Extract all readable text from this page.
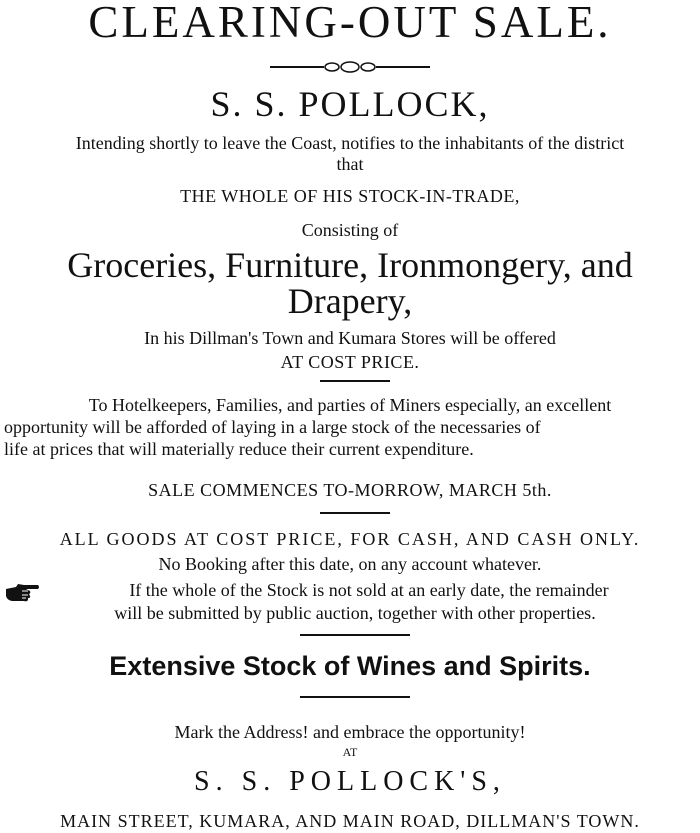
CLEARING-OUT SALE.
S. S. POLLOCK,
Intending shortly to leave the Coast, notifies to the inhabitants of the district
that
THE WHOLE OF HIS STOCK-IN-TRADE,
Consisting of
Groceries, Furniture, Ironmongery, and
Drapery,
In his Dillman's Town and Kumara Stores will be offered
AT COST PRICE.
To Hotelkeepers, Families, and parties of Miners especially, an excellent
opportunity will be afforded of laying in a large stock of the necessaries of
life at prices that will materially reduce their current expenditure.
SALE COMMENCES TO-MORROW, MARCH 5th.
ALL GOODS AT COST PRICE, FOR CASH, AND CASH ONLY.
No Booking after this date, on any account whatever.
If the whole of the Stock is not sold at an early date, the remainder
will be submitted by public auction, together with other properties.
Extensive Stock of Wines and Spirits.
Mark the Address! and embrace the opportunity!
AT
S. S. POLLOCK'S,
MAIN STREET, KUMARA, AND MAIN ROAD, DILLMAN'S TOWN.
